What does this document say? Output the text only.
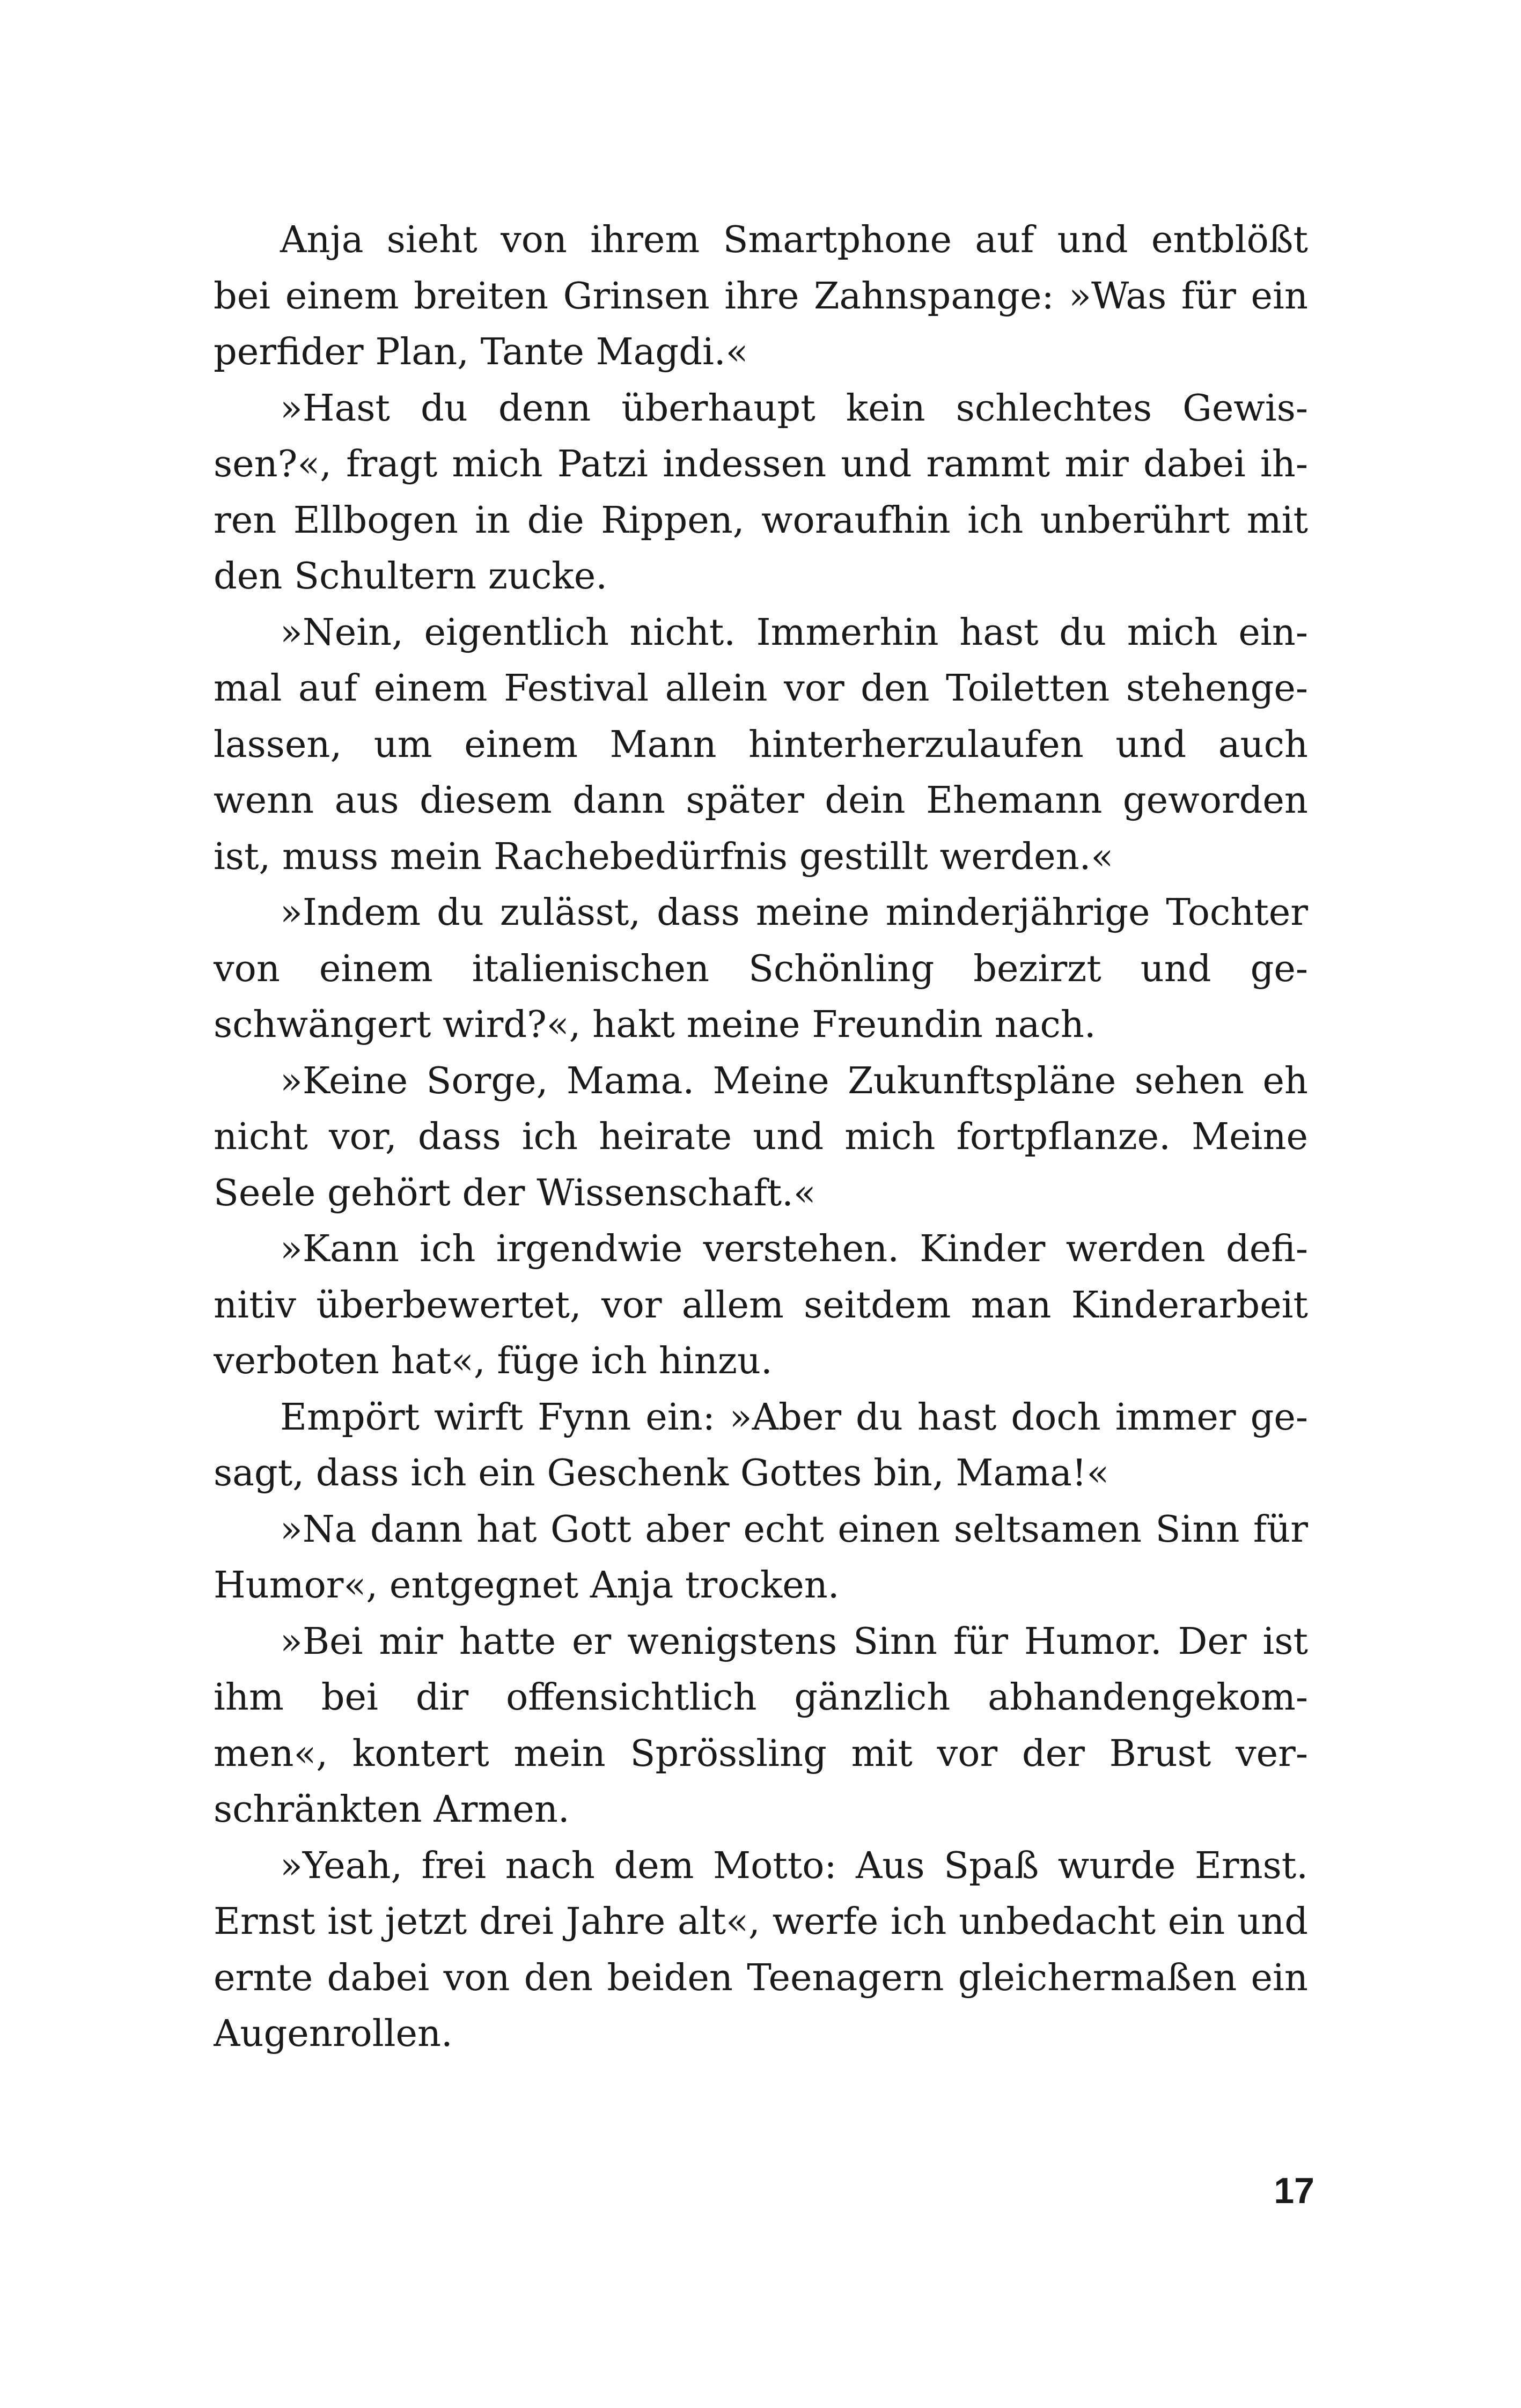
Anja sieht von ihrem Smartphone auf und entblößt
bei einem breiten Grinsen ihre Zahnspange: »Was für ein
perfider Plan, Tante Magdi.«
»Hast du denn überhaupt kein schlechtes Gewis-
sen?«, fragt mich Patzi indessen und rammt mir dabei ih-
ren Ellbogen in die Rippen, woraufhin ich unberührt mit
den Schultern zucke.
»Nein, eigentlich nicht. Immerhin hast du mich ein-
mal auf einem Festival allein vor den Toiletten stehenge-
lassen, um einem Mann hinterherzulaufen und auch
wenn aus diesem dann später dein Ehemann geworden
ist, muss mein Rachebedürfnis gestillt werden.«
»Indem du zulässt, dass meine minderjährige Tochter
von einem italienischen Schönling bezirzt und ge-
schwängert wird?«, hakt meine Freundin nach.
»Keine Sorge, Mama. Meine Zukunftspläne sehen eh
nicht vor, dass ich heirate und mich fortpflanze. Meine
Seele gehört der Wissenschaft.«
»Kann ich irgendwie verstehen. Kinder werden defi-
nitiv überbewertet, vor allem seitdem man Kinderarbeit
verboten hat«, füge ich hinzu.
Empört wirft Fynn ein: »Aber du hast doch immer ge-
sagt, dass ich ein Geschenk Gottes bin, Mama!«
»Na dann hat Gott aber echt einen seltsamen Sinn für
Humor«, entgegnet Anja trocken.
»Bei mir hatte er wenigstens Sinn für Humor. Der ist
ihm bei dir offensichtlich gänzlich abhandengekom-
men«, kontert mein Sprössling mit vor der Brust ver-
schränkten Armen.
»Yeah, frei nach dem Motto: Aus Spaß wurde Ernst.
Ernst ist jetzt drei Jahre alt«, werfe ich unbedacht ein und
ernte dabei von den beiden Teenagern gleichermaßen ein
Augenrollen.
17
